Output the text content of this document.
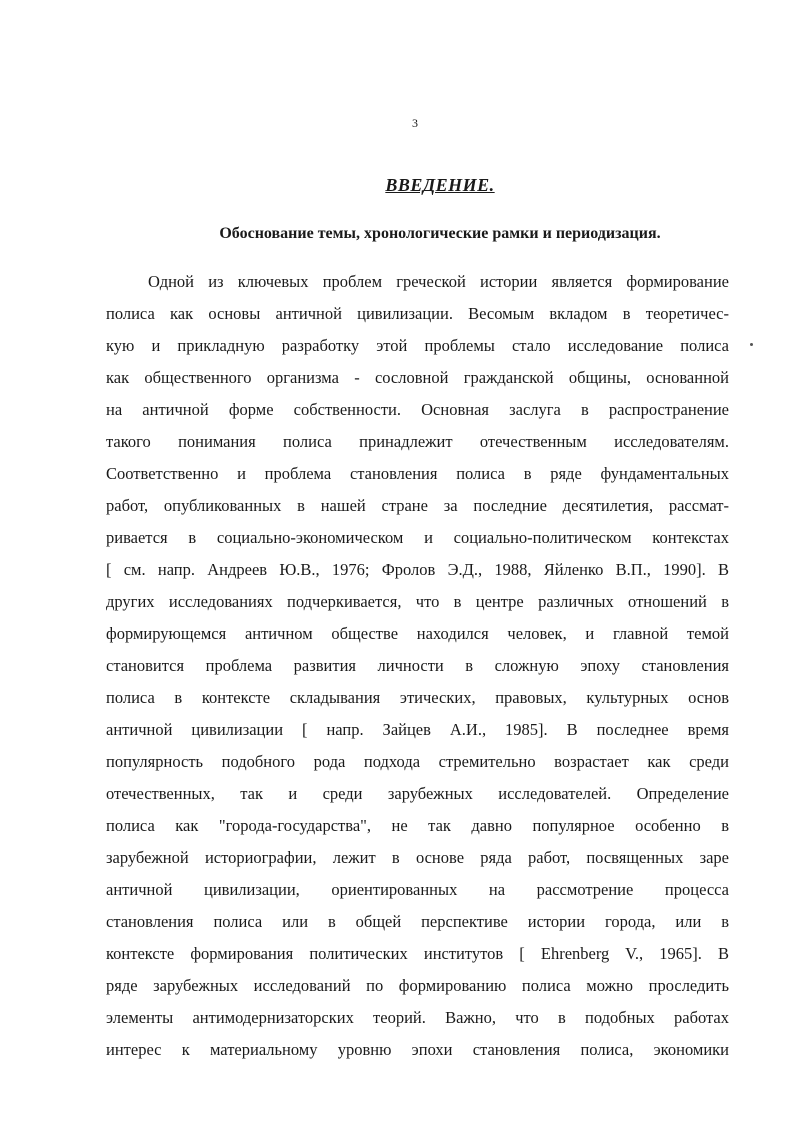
3
ВВЕДЕНИЕ.
Обоснование темы, хронологические рамки и периодизация.
Одной из ключевых проблем греческой истории является формирование
полиса как основы античной цивилизации. Весомым вкладом в теоретичес-
кую и прикладную разработку этой проблемы стало исследование полиса
как общественного организма - сословной гражданской общины, основанной
на античной форме собственности. Основная заслуга в распространение
такого понимания полиса принадлежит отечественным исследователям.
Соответственно и проблема становления полиса в ряде фундаментальных
работ, опубликованных в нашей стране за последние десятилетия, рассмат-
ривается в социально-экономическом и социально-политическом контекстах
[ см. напр. Андреев Ю.В., 1976; Фролов Э.Д., 1988, Яйленко В.П., 1990]. В
других исследованиях подчеркивается, что в центре различных отношений в
формирующемся античном обществе находился человек, и главной темой
становится проблема развития личности в сложную эпоху становления
полиса в контексте складывания этических, правовых, культурных основ
античной цивилизации [ напр. Зайцев А.И., 1985]. В последнее время
популярность подобного рода подхода стремительно возрастает как среди
отечественных, так и среди зарубежных исследователей. Определение
полиса как "города-государства", не так давно популярное особенно в
зарубежной историографии, лежит в основе ряда работ, посвященных заре
античной цивилизации, ориентированных на рассмотрение процесса
становления полиса или в общей перспективе истории города, или в
контексте формирования политических институтов [ Ehrenberg V., 1965]. В
ряде зарубежных исследований по формированию полиса можно проследить
элементы антимодернизаторских теорий. Важно, что в подобных работах
интерес к материальному уровню эпохи становления полиса, экономики
